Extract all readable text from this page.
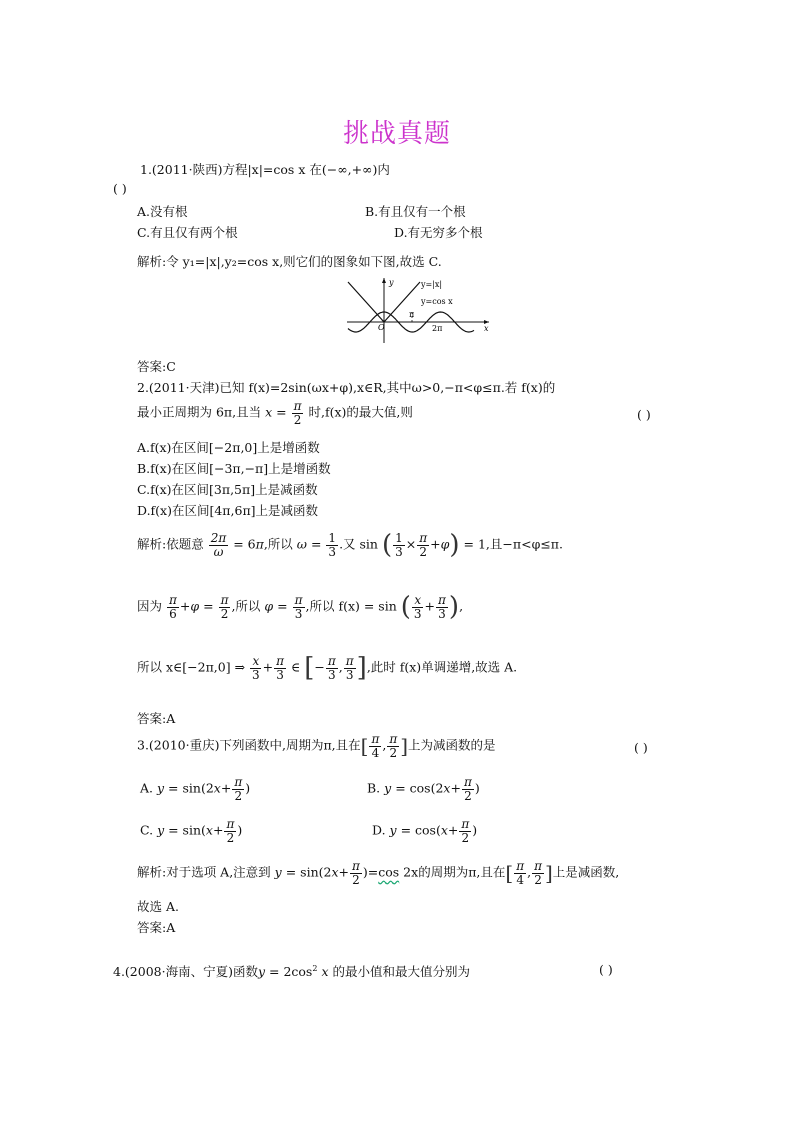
挑战真题
1.(2011·陕西)方程|x|=cos x 在(−∞,+∞)内
( )
A.没有根	B.有且仅有一个根
C.有且仅有两个根	D.有无穷多个根
解析:令 y₁=|x|,y₂=cos x,则它们的图象如下图,故选 C.
y
x
O
π
2π
y=|x|
y=cos x
答案:C
2.(2011·天津)已知 f(x)=2sin(ωx+φ),x∈R,其中ω>0,−π<φ≤π.若 f(x)的
最小正周期为 6π,且当 $x = \frac{\pi}{2}$ 时,f(x)的最大值,则	( )
A.f(x)在区间[−2π,0]上是增函数
B.f(x)在区间[−3π,−π]上是增函数
C.f(x)在区间[3π,5π]上是减函数
D.f(x)在区间[4π,6π]上是减函数
解析:依题意 $\frac{2\pi}{\omega} = 6\pi$,所以 $\omega = \frac{1}{3}$ .又 sin ( $\frac{1}{3} \times \frac{\pi}{2} +\varphi) = 1$,且−π<φ≤π.
因为 $\frac{\pi}{6} +\varphi = \frac{\pi}{2}$ ,所以 $\varphi = \frac{\pi}{3}$ ,所以 f(x) = sin ( $\frac{x}{3} + \frac{\pi}{3}$ ),
所以 x∈[−2π,0] ⇒ $\frac{x}{3} + \frac{\pi}{3}$ ∈ [− $\frac{\pi}{3}$ , $\frac{\pi}{3}$ ],此时 f(x)单调递增,故选 A.
答案:A
3.(2010·重庆)下列函数中,周期为π,且在[ $\frac{\pi}{4}$ , $\frac{\pi}{2}$ ]上为减函数的是	( )
A. $y = \sin(2x+ \frac{\pi}{2}$ )	B. $y = \cos(2x+ \frac{\pi}{2}$ )
C. $y = \sin(x+ \frac{\pi}{2}$ )	D. $y = \cos(x+ \frac{\pi}{2}$ )
解析:对于选项 A,注意到 $y = \sin(2x+ \frac{\pi}{2} )=\cos$ 2x的周期为π,且在[ $\frac{\pi}{4}$ , $\frac{\pi}{2}$ ]上是减函数,
故选 A.
答案:A
4.(2008·海南、宁夏)函数$y = 2\cos^2$ x 的最小值和最大值分别为	( )
